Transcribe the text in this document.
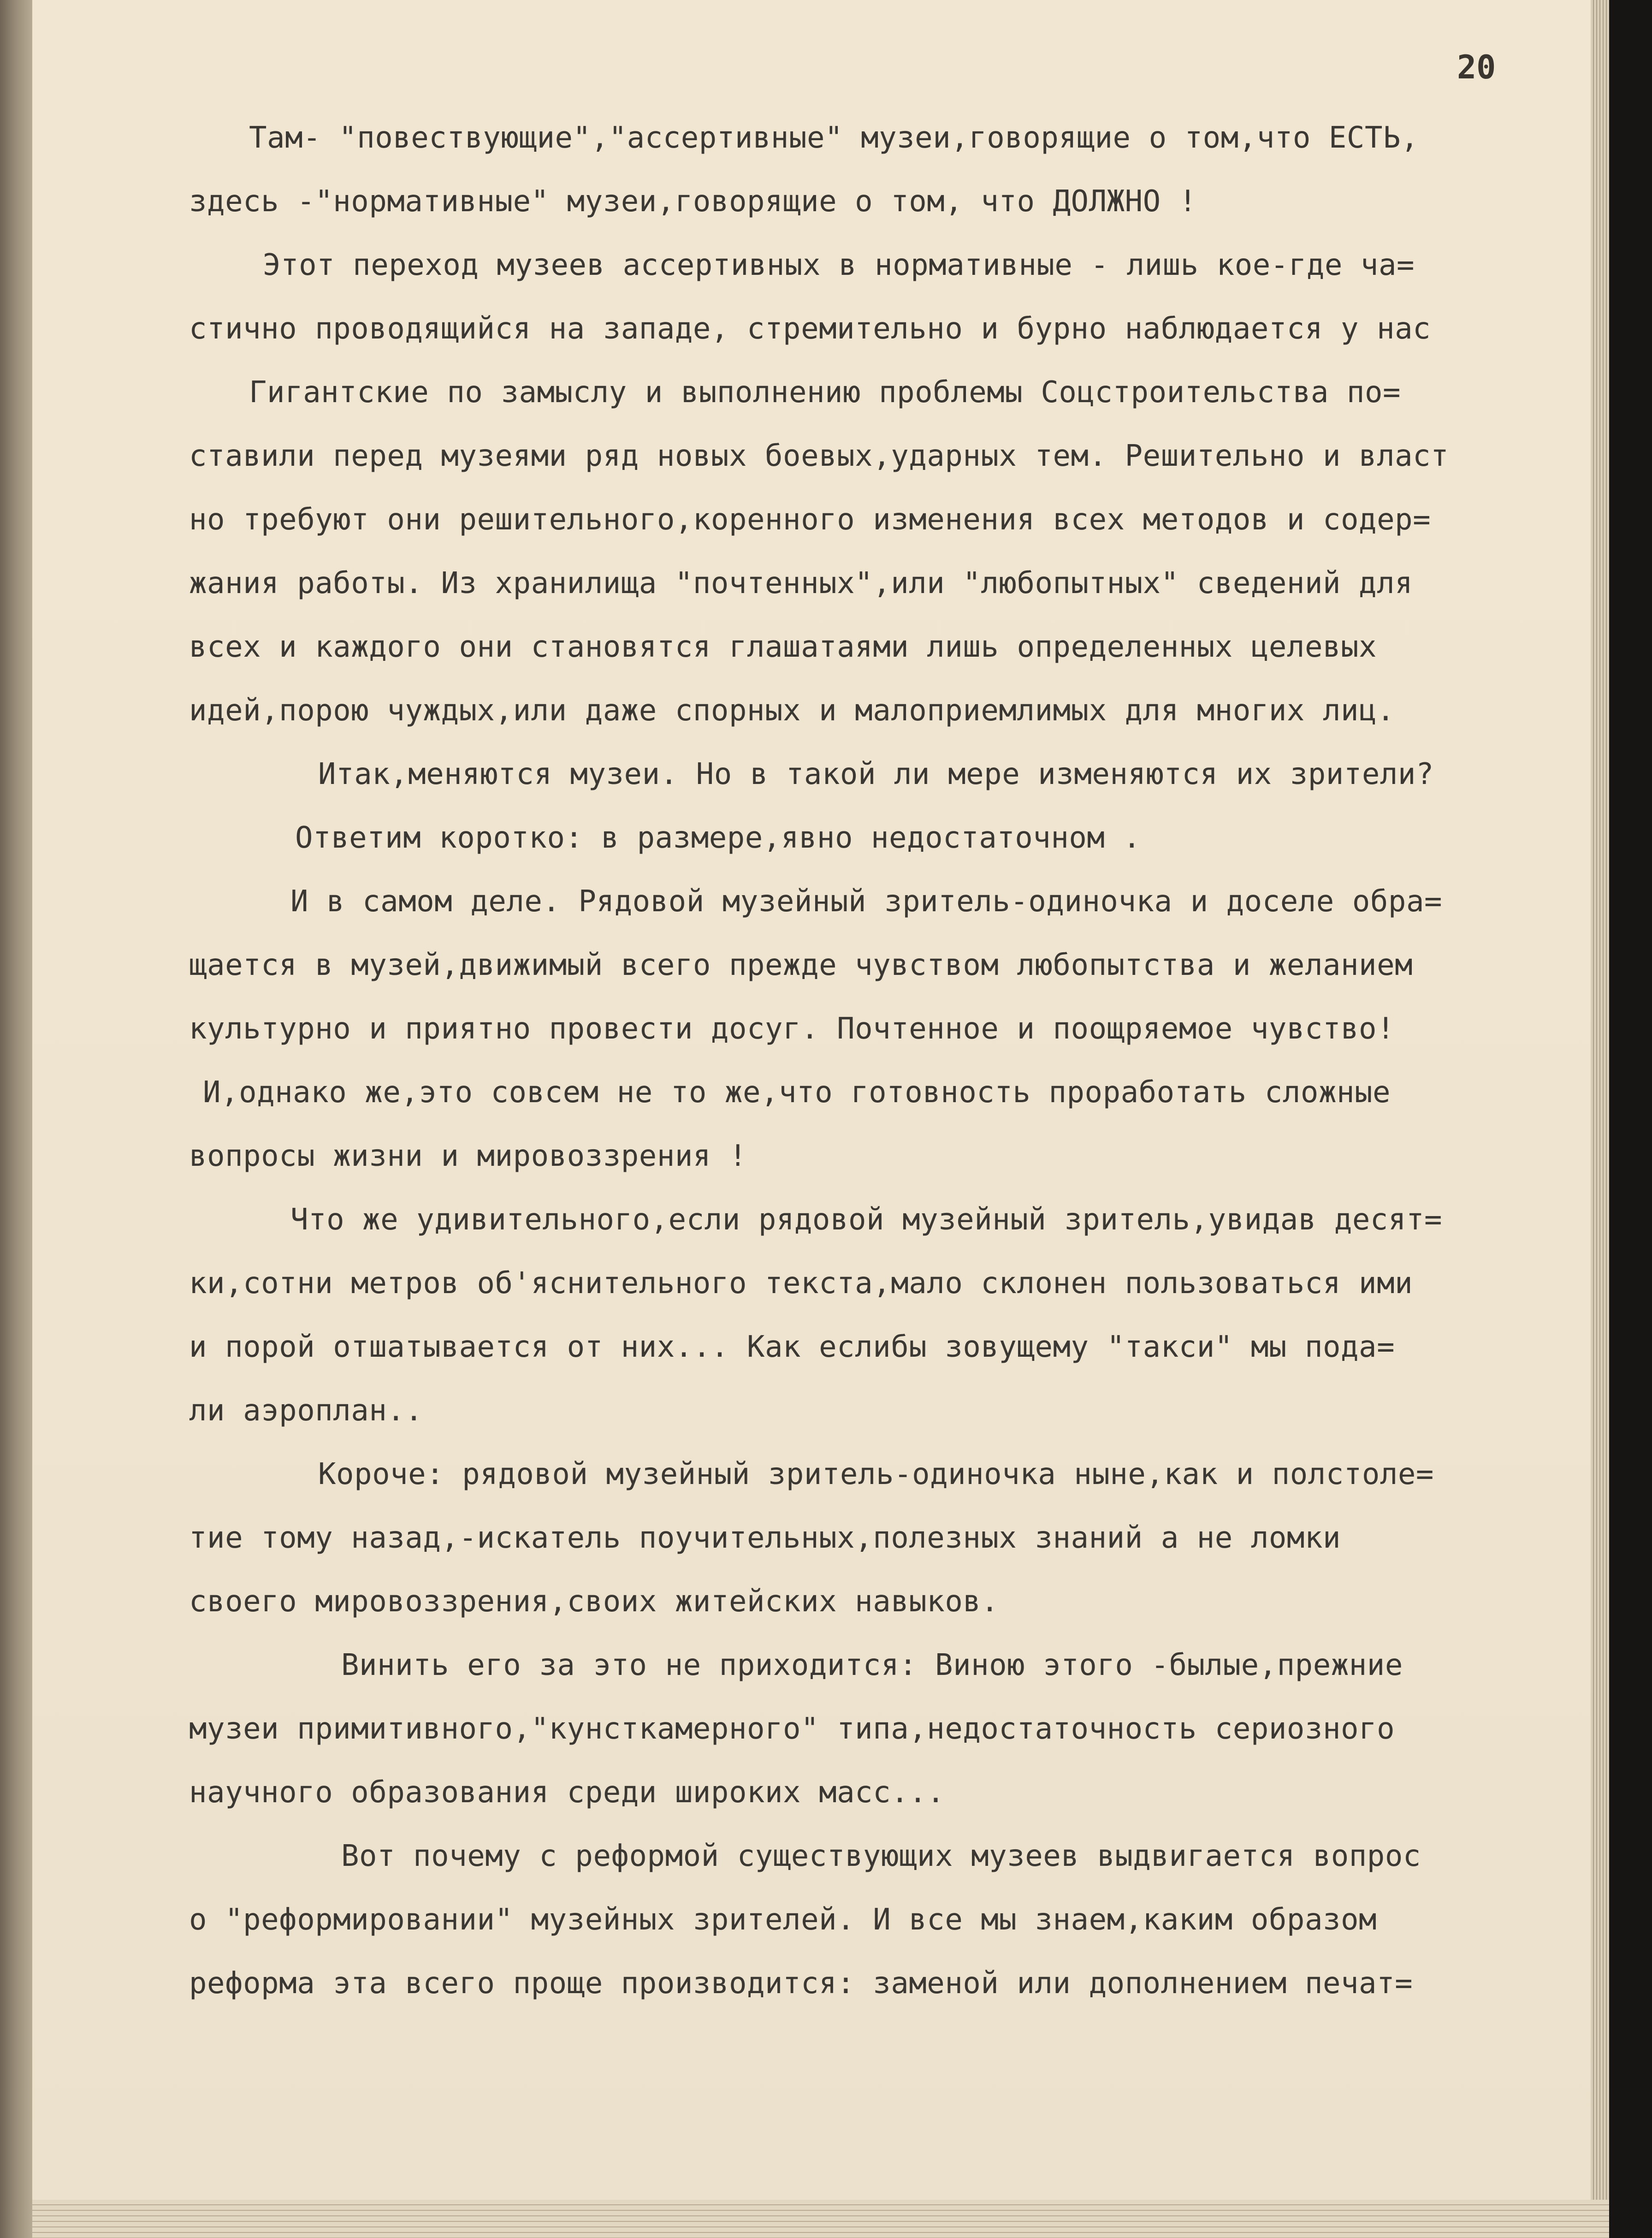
20
Там- "повествующие","ассертивные" музеи,говорящие о том,что ЕСТЬ,
здесь -"нормативные" музеи,говорящие о том, что ДОЛЖНО !
Этот переход музеев ассертивных в нормативные - лишь кое-где ча=
стично проводящийся на западе, стремительно и бурно наблюдается у нас
Гигантские по замыслу и выполнению проблемы Соцстроительства по=
ставили перед музеями ряд новых боевых,ударных тем. Решительно и власт
но требуют они решительного,коренного изменения всех методов и содер=
жания работы. Из хранилища "почтенных",или "любопытных" сведений для
всех и каждого они становятся глашатаями лишь определенных целевых
идей,порою чуждых,или даже спорных и малоприемлимых для многих лиц.
Итак,меняются музеи. Но в такой ли мере изменяются их зрители?
Ответим коротко: в размере,явно недостаточном .
И в самом деле. Рядовой музейный зритель-одиночка и доселе обра=
щается в музей,движимый всего прежде чувством любопытства и желанием
культурно и приятно провести досуг. Почтенное и поощряемое чувство!
И,однако же,это совсем не то же,что готовность проработать сложные
вопросы жизни и мировоззрения !
Что же удивительного,если рядовой музейный зритель,увидав десят=
ки,сотни метров об'яснительного текста,мало склонен пользоваться ими
и порой отшатывается от них... Как еслибы зовущему "такси" мы пода=
ли аэроплан..
Короче: рядовой музейный зритель-одиночка ныне,как и полстоле=
тие тому назад,-искатель поучительных,полезных знаний а не ломки
своего мировоззрения,своих житейских навыков.
Винить его за это не приходится: Виною этого -былые,прежние
музеи примитивного,"кунсткамерного" типа,недостаточность сериозного
научного образования среди широких масс...
Вот почему с реформой существующих музеев выдвигается вопрос
о "реформировании" музейных зрителей. И все мы знаем,каким образом
реформа эта всего проще производится: заменой или дополнением печат=
